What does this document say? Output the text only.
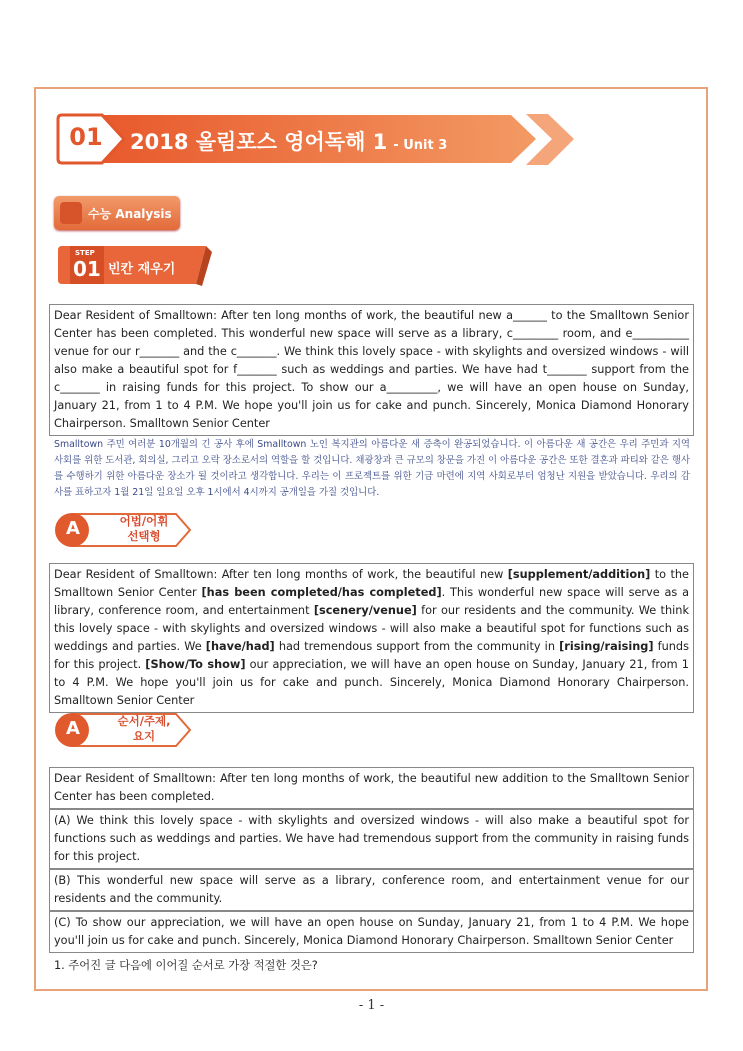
01 2018 올림포스 영어독해 1 - Unit 3
수능 Analysis
STEP
01 빈칸 재우기
Dear Resident of Smalltown: After ten long months of work, the beautiful new a______ to the Smalltown Senior Center has been completed. This wonderful new space will serve as a library, c________ room, and e__________ venue for our r_______ and the c_______. We think this lovely space - with skylights and oversized windows - will also make a beautiful spot for f_______ such as weddings and parties. We have had t_______ support from the c_______ in raising funds for this project. To show our a_________, we will have an open house on Sunday, January 21, from 1 to 4 P.M. We hope you'll join us for cake and punch. Sincerely, Monica Diamond Honorary Chairperson. Smalltown Senior Center
Smalltown 주민 여러분 10개월의 긴 공사 후에 Smalltown 노인 복지관의 아름다운 새 증축이 완공되었습니다. 이 아름다운 새 공간은 우리 주민과 지역 사회를 위한 도서관, 회의실, 그리고 오락 장소로서의 역할을 할 것입니다. 채광창과 큰 규모의 창문을 가진 이 아름다운 공간은 또한 결혼과 파티와 같은 행사를 수행하기 위한 아름다운 장소가 될 것이라고 생각합니다. 우리는 이 프로젝트를 위한 기금 마련에 지역 사회로부터 엄청난 지원을 받았습니다. 우리의 감사를 표하고자 1월 21일 일요일 오후 1시에서 4시까지 공개일을 가질 것입니다.
A	어법/어휘
선택형
Dear Resident of Smalltown: After ten long months of work, the beautiful new [supplement/addition] to the Smalltown Senior Center [has been completed/has completed]. This wonderful new space will serve as a library, conference room, and entertainment [scenery/venue] for our residents and the community. We think this lovely space - with skylights and oversized windows - will also make a beautiful spot for functions such as weddings and parties. We [have/had] had tremendous support from the community in [rising/raising] funds for this project. [Show/To show] our appreciation, we will have an open house on Sunday, January 21, from 1 to 4 P.M. We hope you'll join us for cake and punch. Sincerely, Monica Diamond Honorary Chairperson. Smalltown Senior Center
A	순서/주제,
요지
Dear Resident of Smalltown: After ten long months of work, the beautiful new addition to the Smalltown Senior Center has been completed.
(A) We think this lovely space - with skylights and oversized windows - will also make a beautiful spot for functions such as weddings and parties. We have had tremendous support from the community in raising funds for this project.
(B) This wonderful new space will serve as a library, conference room, and entertainment venue for our residents and the community.
(C) To show our appreciation, we will have an open house on Sunday, January 21, from 1 to 4 P.M. We hope you'll join us for cake and punch. Sincerely, Monica Diamond Honorary Chairperson. Smalltown Senior Center
1. 주어진 글 다음에 이어질 순서로 가장 적절한 것은?
- 1 -
